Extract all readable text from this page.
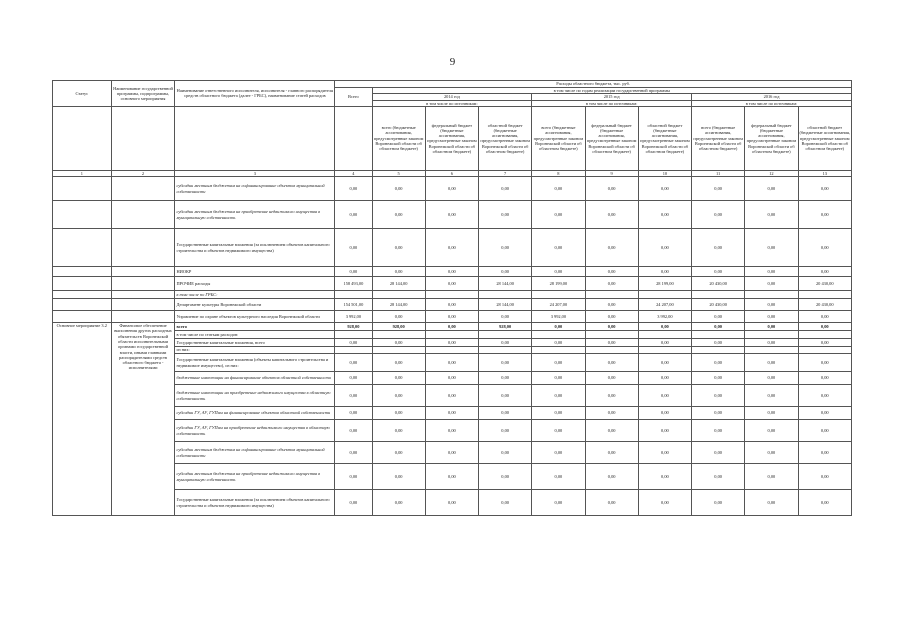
9
Статус	Наименование государственной программы, подпрограммы, основного мероприятия	Наименование ответственного исполнителя, исполнителя - главного распорядителя средств областного бюджета (далее - ГРБС), наименование статей расходов	Расходы областного бюджета, тыс. руб.									
			Всего	в том числе по годам реализации государственной программы								
				2014 год			2015 год			2016 год		
				в том числе по источникам:			в том числе по источникам:			в том числе по источникам:		
				всего (бюджетные ассигнования, предусмотренные законом Воронежской области об областном бюджете)	федеральный бюджет (бюджетные ассигнования, предусмотренные законом Воронежской области об областном бюджете)	областной бюджет (бюджетные ассигнования, предусмотренные законом Воронежской области об областном бюджете)	всего (бюджетные ассигнования, предусмотренные законом Воронежской области об областном бюджете)	федеральный бюджет (бюджетные ассигнования, предусмотренные законом Воронежской области об областном бюджете)	областной бюджет (бюджетные ассигнования, предусмотренные законом Воронежской области об областном бюджете)	всего (бюджетные ассигнования, предусмотренные законом Воронежской области об областном бюджете)	федеральный бюджет (бюджетные ассигнования, предусмотренные законом Воронежской области об областном бюджете)	областной бюджет (бюджетные ассигнования, предусмотренные законом Воронежской области об областном бюджете)
1	2	3	4	5	6	7	8	9	10	11	12	13
		субсидии местным бюджетам на софинансирование объектов муниципальной собственности	0,00	0,00	0,00	0,00	0,00	0,00	0,00	0,00	0,00	0,00
		субсидии местным бюджетам на приобретение недвижимого имущества в муниципальную собственность	0,00	0,00	0,00	0,00	0,00	0,00	0,00	0,00	0,00	0,00
		Государственные капитальные вложения (за исключением объектов капитального строительства и объектов недвижимого имущества)	0,00	0,00	0,00	0,00	0,00	0,00	0,00	0,00	0,00	0,00
		НИОКР	0,00	0,00	0,00	0,00	0,00	0,00	0,00	0,00	0,00	0,00
		ПРОЧИЕ расходы	158 493,00	28 144,00	0,00	28 144,00	28 199,00	0,00	28 199,00	20 430,00	0,00	20 430,00
		в том числе по ГРБС:										
		Департамент культуры Воронежской области	154 501,00	28 144,00	0,00	28 144,00	24 207,00	0,00	24 207,00	20 430,00	0,00	20 430,00
		Управление по охране объектов культурного наследия Воронежской области	3 992,00	0,00	0,00	0,00	3 992,00	0,00	3 992,00	0,00	0,00	0,00
Основное мероприятие 3.2	Финансовое обеспечение выполнения других расходных обязательств Воронежской области исполнительными органами государственной власти, иными главными распорядителями средств областного бюджета - исполнителями	всего	928,00	928,00	0,00	928,00	0,00	0,00	0,00	0,00	0,00	0,00
		в том числе по статьям расходов:										
		Государственные капитальные вложения, всего	0,00	0,00	0,00	0,00	0,00	0,00	0,00	0,00	0,00	0,00
		из них:										
		Государственные капитальные вложения (объекты капитального строительства и недвижимое имущество), из них:	0,00	0,00	0,00	0,00	0,00	0,00	0,00	0,00	0,00	0,00
		бюджетные инвестиции на финансирование объектов областной собственности	0,00	0,00	0,00	0,00	0,00	0,00	0,00	0,00	0,00	0,00
		бюджетные инвестиции на приобретение недвижимого имущества в областную собственность	0,00	0,00	0,00	0,00	0,00	0,00	0,00	0,00	0,00	0,00
		субсидии ГУ, АУ, ГУПам на финансирование объектов областной собственности	0,00	0,00	0,00	0,00	0,00	0,00	0,00	0,00	0,00	0,00
		субсидии ГУ, АУ, ГУПам на приобретение недвижимого имущества в областную собственность	0,00	0,00	0,00	0,00	0,00	0,00	0,00	0,00	0,00	0,00
		субсидии местным бюджетам на софинансирование объектов муниципальной собственности	0,00	0,00	0,00	0,00	0,00	0,00	0,00	0,00	0,00	0,00
		субсидии местным бюджетам на приобретение недвижимого имущества в муниципальную собственность	0,00	0,00	0,00	0,00	0,00	0,00	0,00	0,00	0,00	0,00
		Государственные капитальные вложения (за исключением объектов капитального строительства и объектов недвижимого имущества)	0,00	0,00	0,00	0,00	0,00	0,00	0,00	0,00	0,00	0,00
